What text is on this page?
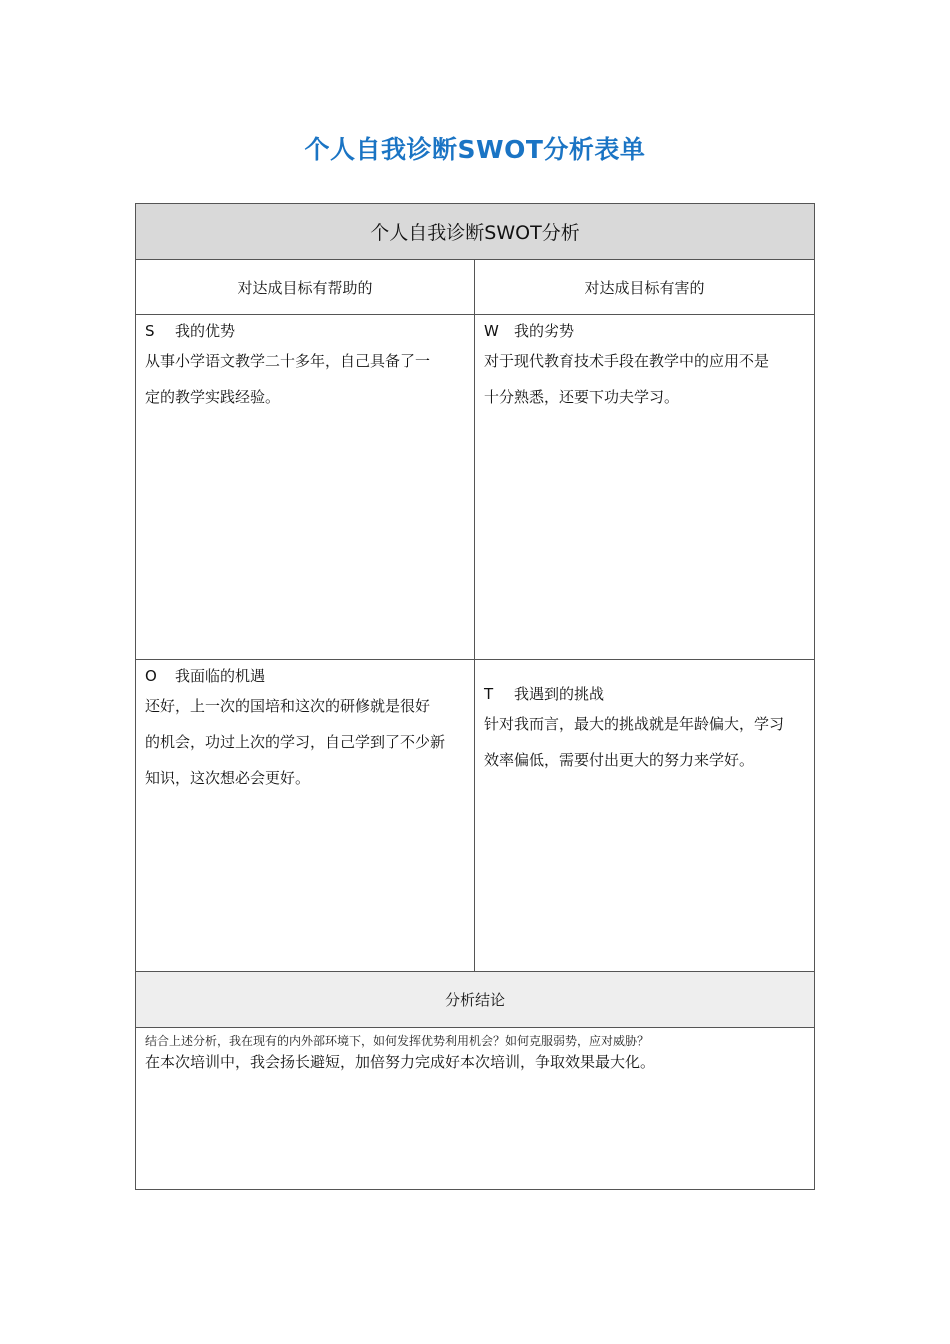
个人自我诊断SWOT分析表单
个人自我诊断SWOT分析
对达成目标有帮助的	对达成目标有害的
S 我的优势
从事小学语文教学二十多年，自己具备了一
定的教学实践经验。
W 我的劣势
对于现代教育技术手段在教学中的应用不是
十分熟悉，还要下功夫学习。
O 我面临的机遇
还好，上一次的国培和这次的研修就是很好
的机会，功过上次的学习，自己学到了不少新
知识，这次想必会更好。
T 我遇到的挑战
针对我而言，最大的挑战就是年龄偏大，学习
效率偏低，需要付出更大的努力来学好。
分析结论
结合上述分析，我在现有的内外部环境下，如何发挥优势利用机会？如何克服弱势，应对威胁？
在本次培训中，我会扬长避短，加倍努力完成好本次培训，争取效果最大化。
